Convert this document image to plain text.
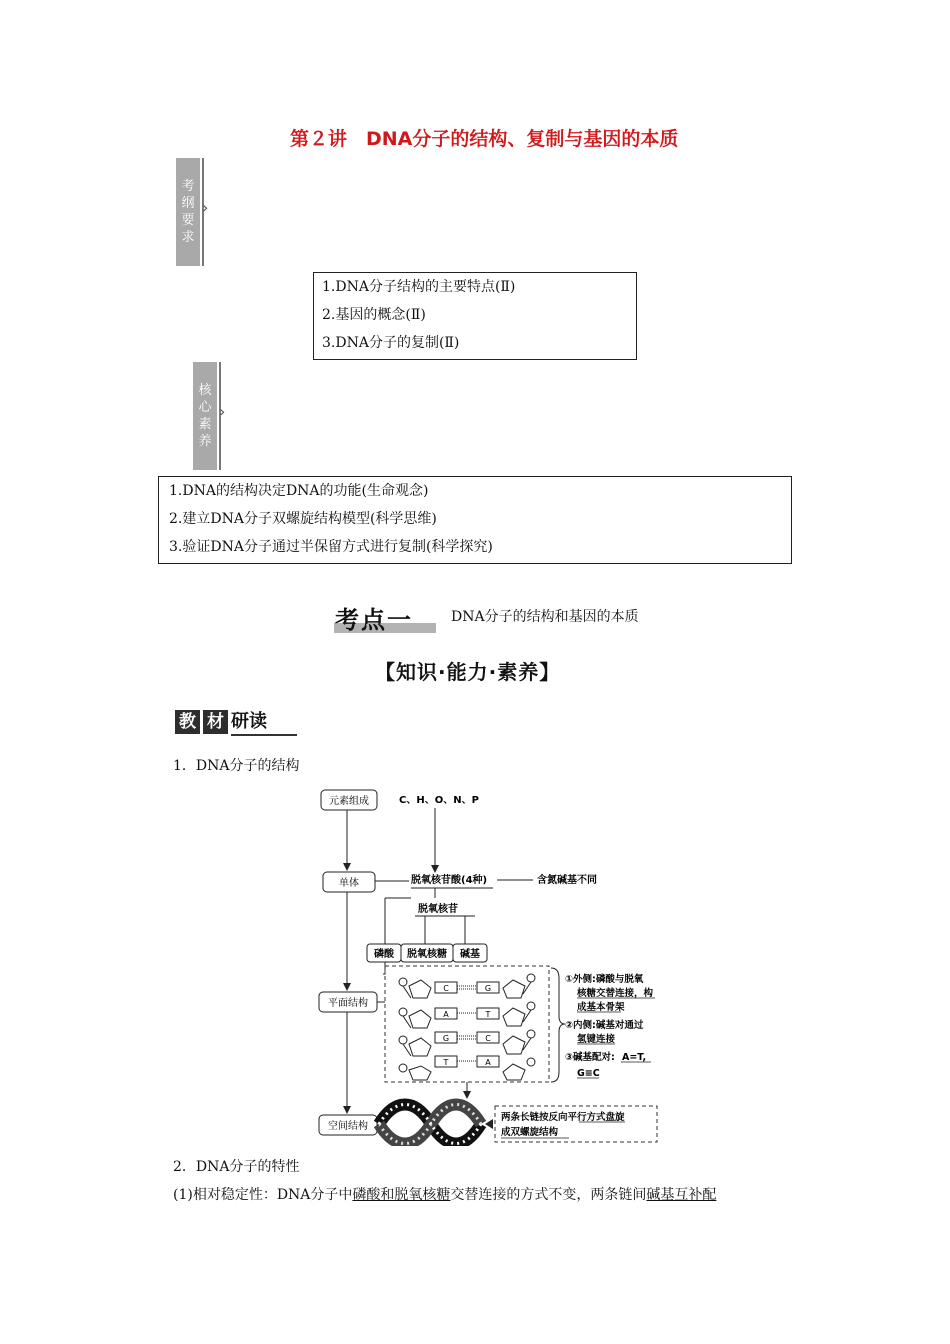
第２讲　DNA分子的结构、复制与基因的本质
考
纲
要
求
›
1.DNA分子结构的主要特点(Ⅱ)
2.基因的概念(Ⅱ)
3.DNA分子的复制(Ⅱ)
核
心
素
养
›
1.DNA的结构决定DNA的功能(生命观念)
2.建立DNA分子双螺旋结构模型(科学思维)
3.验证DNA分子通过半保留方式进行复制(科学探究)
考点一	DNA分子的结构和基因的本质
【知识·能力·素养】
教 材 研读
1．DNA分子的结构
元素组成
单体
平面结构
空间结构
C、H、O、N、P
脱氧核苷酸(4种)	含氮碱基不同
脱氧核苷
磷酸 脱氧核糖 碱基
C	G
A	T
G	C
T	A
①外侧:磷酸与脱氧
核糖交替连接，构
成基本骨架
②内侧:碱基对通过
氢键连接
③碱基配对: A=T,
G≡C
两条长链按反向平行方式盘旋
成双螺旋结构
2．DNA分子的特性
(1)相对稳定性：DNA分子中磷酸和脱氧核糖交替连接的方式不变，两条链间碱基互补配
